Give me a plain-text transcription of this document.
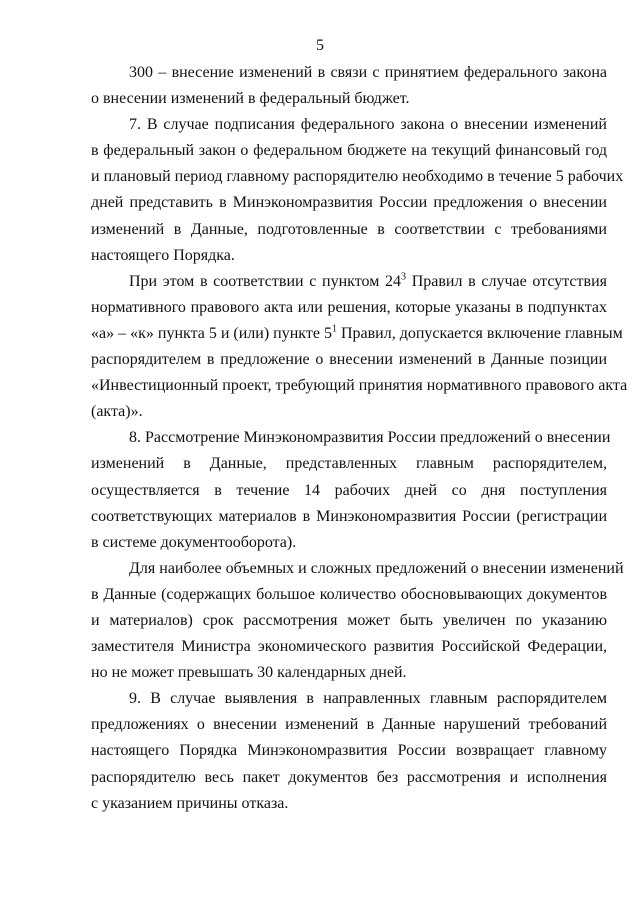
5
300 – внесение изменений в связи с принятием федерального закона
о внесении изменений в федеральный бюджет.
7. В случае подписания федерального закона о внесении изменений
в федеральный закон о федеральном бюджете на текущий финансовый год
и плановый период главному распорядителю необходимо в течение 5 рабочих
дней представить в Минэкономразвития России предложения о внесении
изменений в Данные, подготовленные в соответствии с требованиями
настоящего Порядка.
При этом в соответствии с пунктом $24^3$ Правил в случае отсутствия
нормативного правового акта или решения, которые указаны в подпунктах
«а» – «к» пункта 5 и (или) пункте $5^1$ Правил, допускается включение главным
распорядителем в предложение о внесении изменений в Данные позиции
«Инвестиционный проект, требующий принятия нормативного правового акта
(акта)».
8. Рассмотрение Минэкономразвития России предложений о внесении
изменений в Данные, представленных главным распорядителем,
осуществляется в течение 14 рабочих дней со дня поступления
соответствующих материалов в Минэкономразвития России (регистрации
в системе документооборота).
Для наиболее объемных и сложных предложений о внесении изменений
в Данные (содержащих большое количество обосновывающих документов
и материалов) срок рассмотрения может быть увеличен по указанию
заместителя Министра экономического развития Российской Федерации,
но не может превышать 30 календарных дней.
9. В случае выявления в направленных главным распорядителем
предложениях о внесении изменений в Данные нарушений требований
настоящего Порядка Минэкономразвития России возвращает главному
распорядителю весь пакет документов без рассмотрения и исполнения
с указанием причины отказа.
